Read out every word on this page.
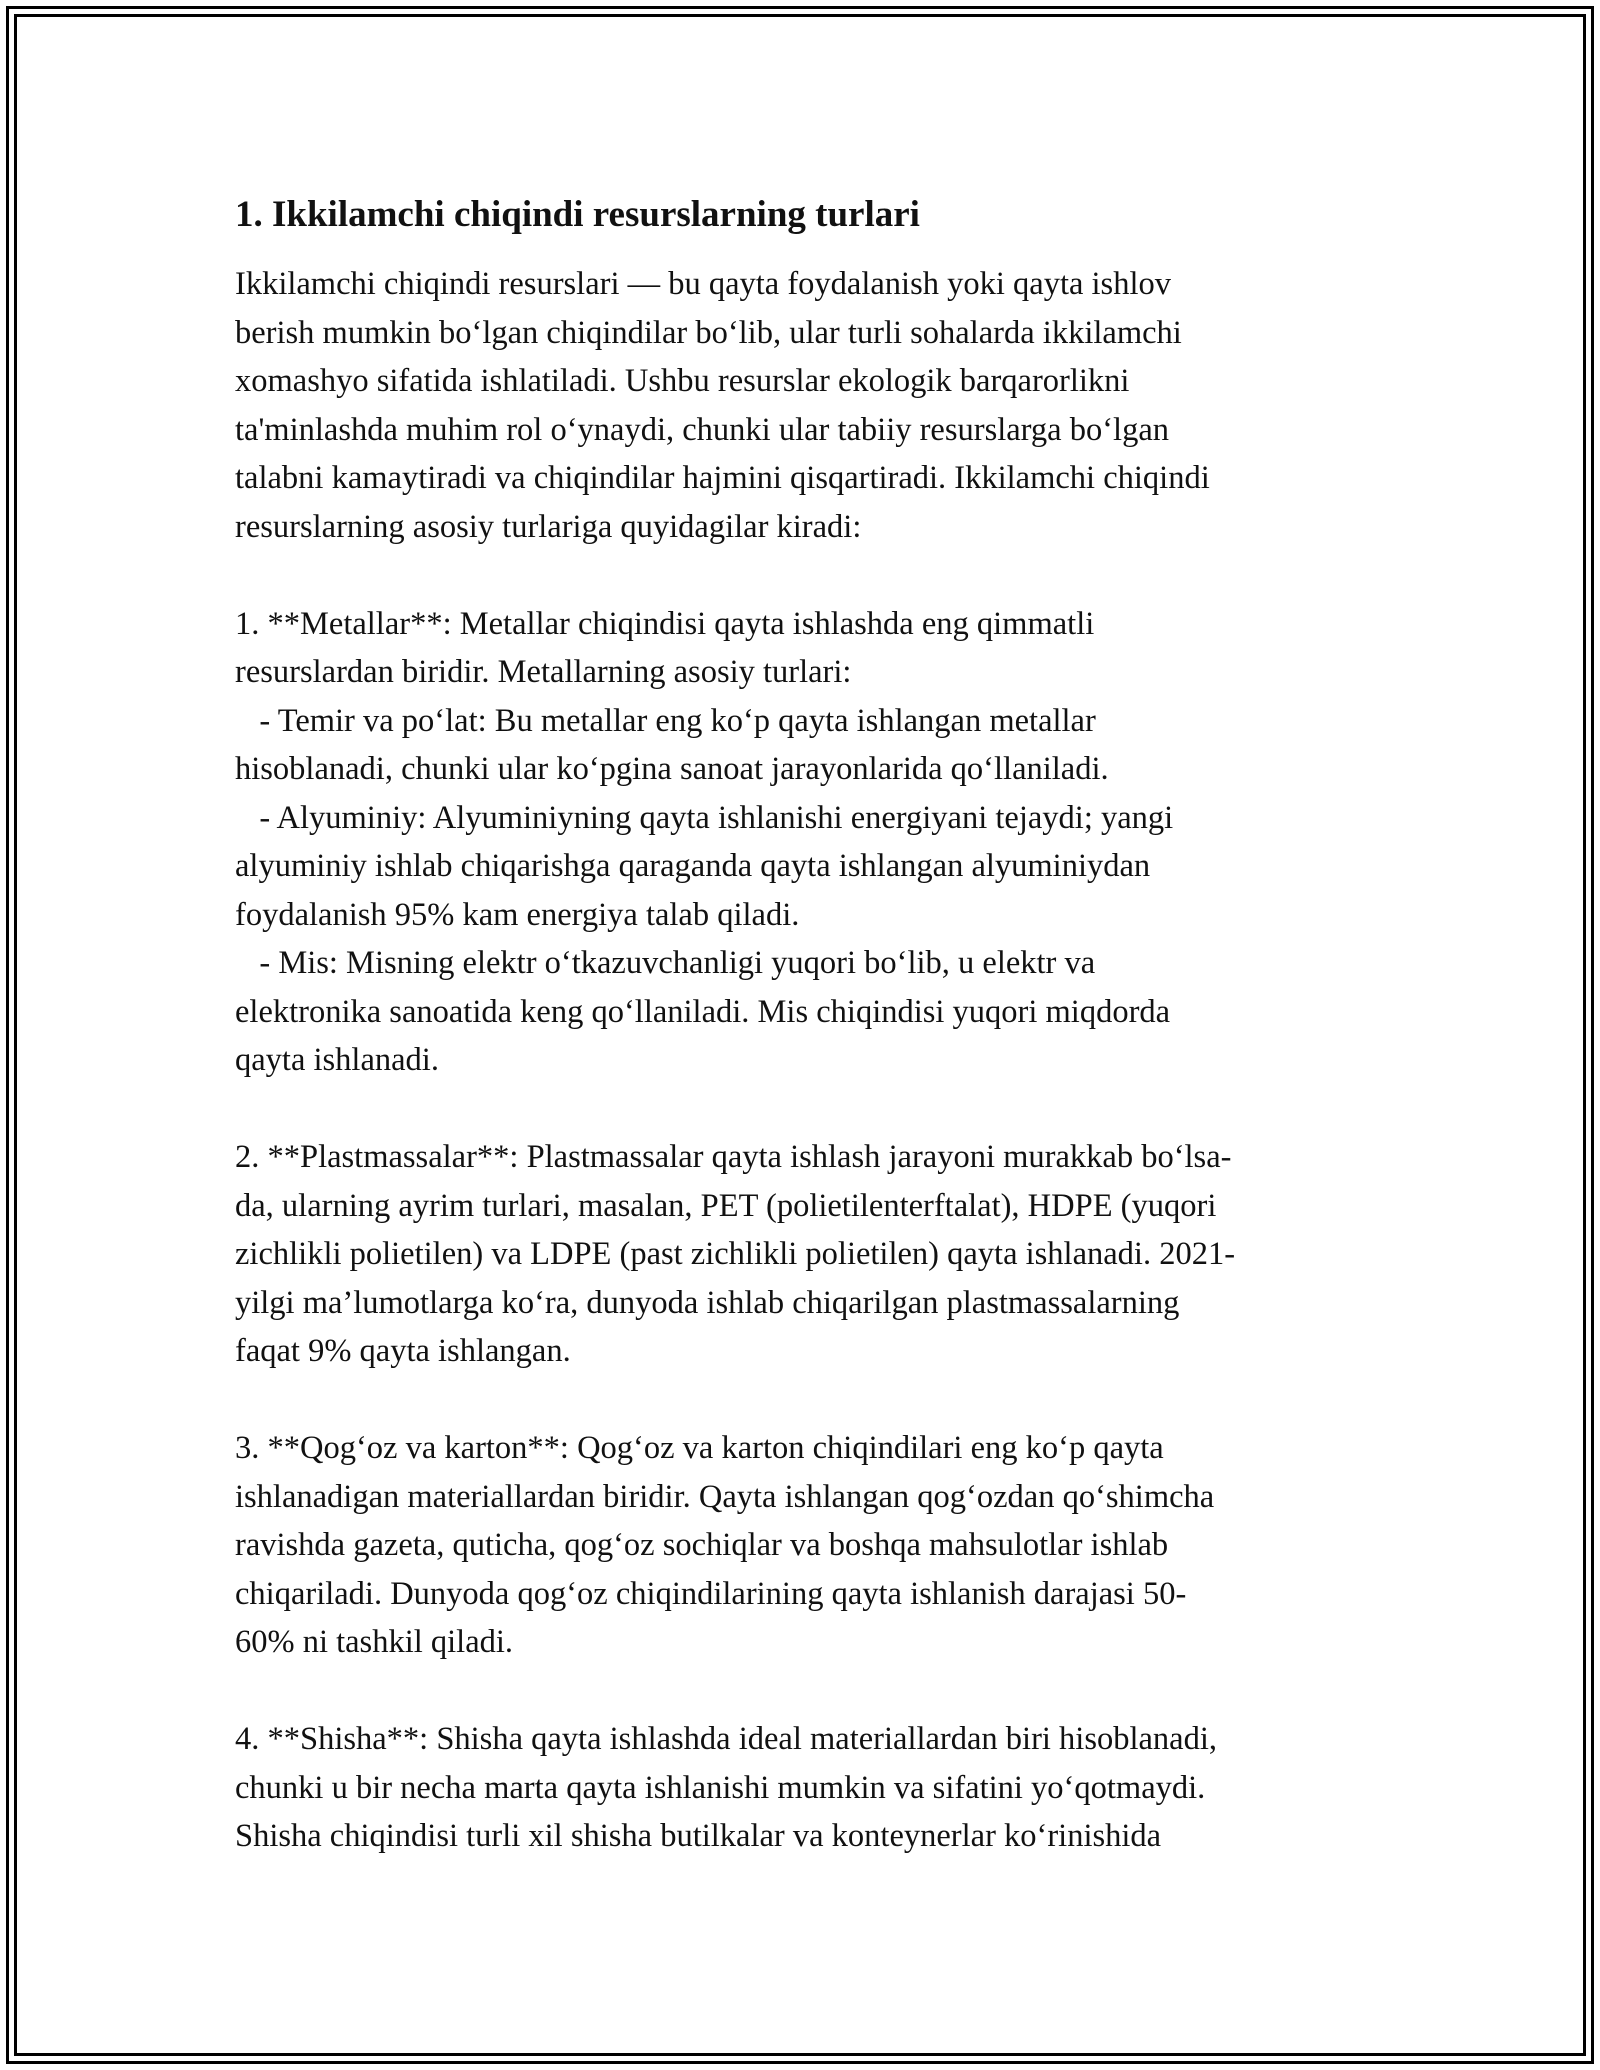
1. Ikkilamchi chiqindi resurslarning turlari
Ikkilamchi chiqindi resurslari — bu qayta foydalanish yoki qayta ishlov
berish mumkin bo‘lgan chiqindilar bo‘lib, ular turli sohalarda ikkilamchi
xomashyo sifatida ishlatiladi. Ushbu resurslar ekologik barqarorlikni
ta'minlashda muhim rol o‘ynaydi, chunki ular tabiiy resurslarga bo‘lgan
talabni kamaytiradi va chiqindilar hajmini qisqartiradi. Ikkilamchi chiqindi
resurslarning asosiy turlariga quyidagilar kiradi:
1. **Metallar**: Metallar chiqindisi qayta ishlashda eng qimmatli
resurslardan biridir. Metallarning asosiy turlari:
- Temir va po‘lat: Bu metallar eng ko‘p qayta ishlangan metallar
hisoblanadi, chunki ular ko‘pgina sanoat jarayonlarida qo‘llaniladi.
- Alyuminiy: Alyuminiyning qayta ishlanishi energiyani tejaydi; yangi
alyuminiy ishlab chiqarishga qaraganda qayta ishlangan alyuminiydan
foydalanish 95% kam energiya talab qiladi.
- Mis: Misning elektr o‘tkazuvchanligi yuqori bo‘lib, u elektr va
elektronika sanoatida keng qo‘llaniladi. Mis chiqindisi yuqori miqdorda
qayta ishlanadi.
2. **Plastmassalar**: Plastmassalar qayta ishlash jarayoni murakkab bo‘lsa-
da, ularning ayrim turlari, masalan, PET (polietilenterftalat), HDPE (yuqori
zichlikli polietilen) va LDPE (past zichlikli polietilen) qayta ishlanadi. 2021-
yilgi ma’lumotlarga ko‘ra, dunyoda ishlab chiqarilgan plastmassalarning
faqat 9% qayta ishlangan.
3. **Qog‘oz va karton**: Qog‘oz va karton chiqindilari eng ko‘p qayta
ishlanadigan materiallardan biridir. Qayta ishlangan qog‘ozdan qo‘shimcha
ravishda gazeta, quticha, qog‘oz sochiqlar va boshqa mahsulotlar ishlab
chiqariladi. Dunyoda qog‘oz chiqindilarining qayta ishlanish darajasi 50-
60% ni tashkil qiladi.
4. **Shisha**: Shisha qayta ishlashda ideal materiallardan biri hisoblanadi,
chunki u bir necha marta qayta ishlanishi mumkin va sifatini yo‘qotmaydi.
Shisha chiqindisi turli xil shisha butilkalar va konteynerlar ko‘rinishida
